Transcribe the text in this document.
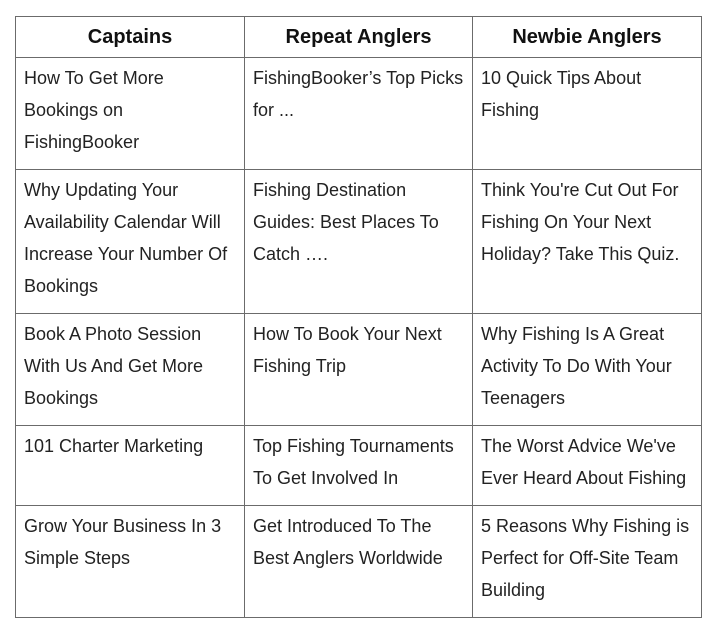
Captains	Repeat Anglers	Newbie Anglers
How To Get More Bookings on FishingBooker	FishingBooker’s Top Picks for ...	10 Quick Tips About Fishing
Why Updating Your Availability Calendar Will Increase Your Number Of Bookings	Fishing Destination Guides: Best Places To Catch ….	Think You're Cut Out For Fishing On Your Next Holiday? Take This Quiz.
Book A Photo Session With Us And Get More Bookings	How To Book Your Next Fishing Trip	Why Fishing Is A Great Activity To Do With Your Teenagers
101 Charter Marketing	Top Fishing Tournaments To Get Involved In	The Worst Advice We've Ever Heard About Fishing
Grow Your Business In 3 Simple Steps	Get Introduced To The Best Anglers Worldwide	5 Reasons Why Fishing is Perfect for Off-Site Team Building
